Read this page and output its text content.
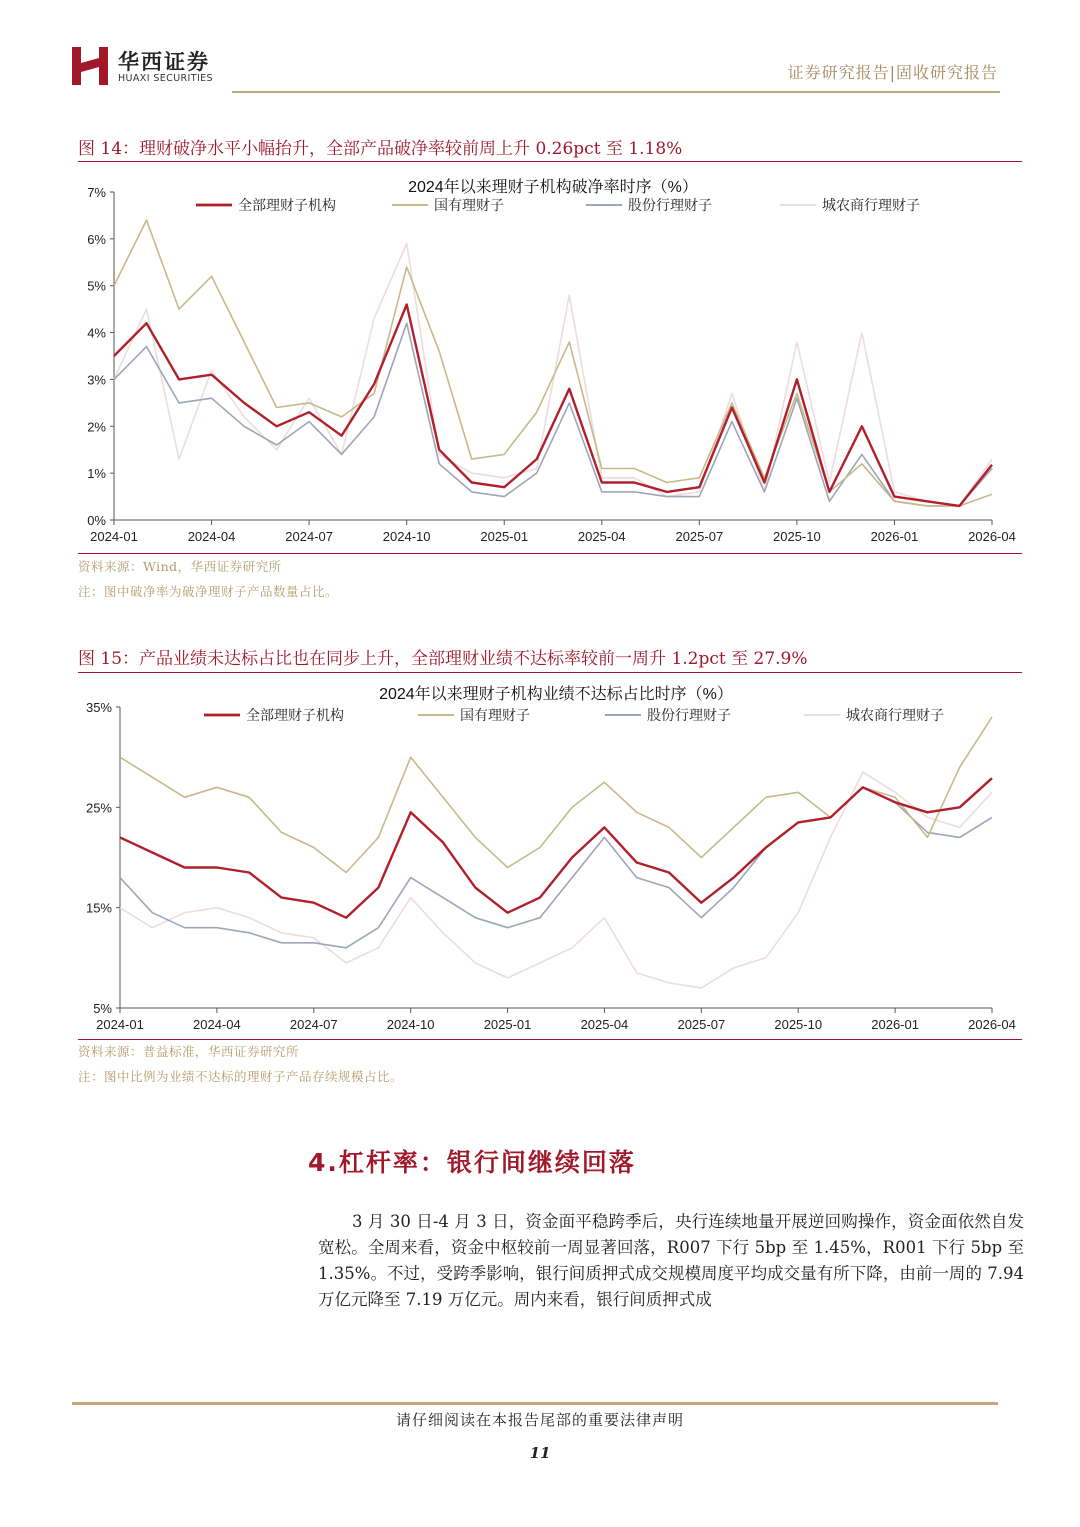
华西证券
HUAXI SECURITIES	证券研究报告|固收研究报告
图 14：理财破净水平小幅抬升，全部产品破净率较前周上升 0.26pct 至 1.18%
2024年以来理财子机构破净率时序（%）
0%
1%
2%
3%
4%
5%
6%
7%
2024-01	2024-04	2024-07	2024-10	2025-01	2025-04	2025-07	2025-10	2026-01	2026-04
全部理财子机构	国有理财子	股份行理财子	城农商行理财子
资料来源：Wind，华西证券研究所
注：图中破净率为破净理财子产品数量占比。
图 15：产品业绩未达标占比也在同步上升，全部理财业绩不达标率较前一周升 1.2pct 至 27.9%
2024年以来理财子机构业绩不达标占比时序（%）
5%
15%
25%
35%
2024-01	2024-04	2024-07	2024-10	2025-01	2025-04	2025-07	2025-10	2026-01	2026-04
全部理财子机构	国有理财子	股份行理财子	城农商行理财子
资料来源：普益标准，华西证券研究所
注：图中比例为业绩不达标的理财子产品存续规模占比。
4.杠杆率：银行间继续回落
3 月 30 日-4 月 3 日，资金面平稳跨季后，央行连续地量开展逆回购操作，资金面依然自发宽松。全周来看，资金中枢较前一周显著回落，R007 下行 5bp 至 1.45%，R001 下行 5bp 至 1.35%。不过，受跨季影响，银行间质押式成交规模周度平均成交量有所下降，由前一周的 7.94 万亿元降至 7.19 万亿元。周内来看，银行间质押式成
请仔细阅读在本报告尾部的重要法律声明
11
